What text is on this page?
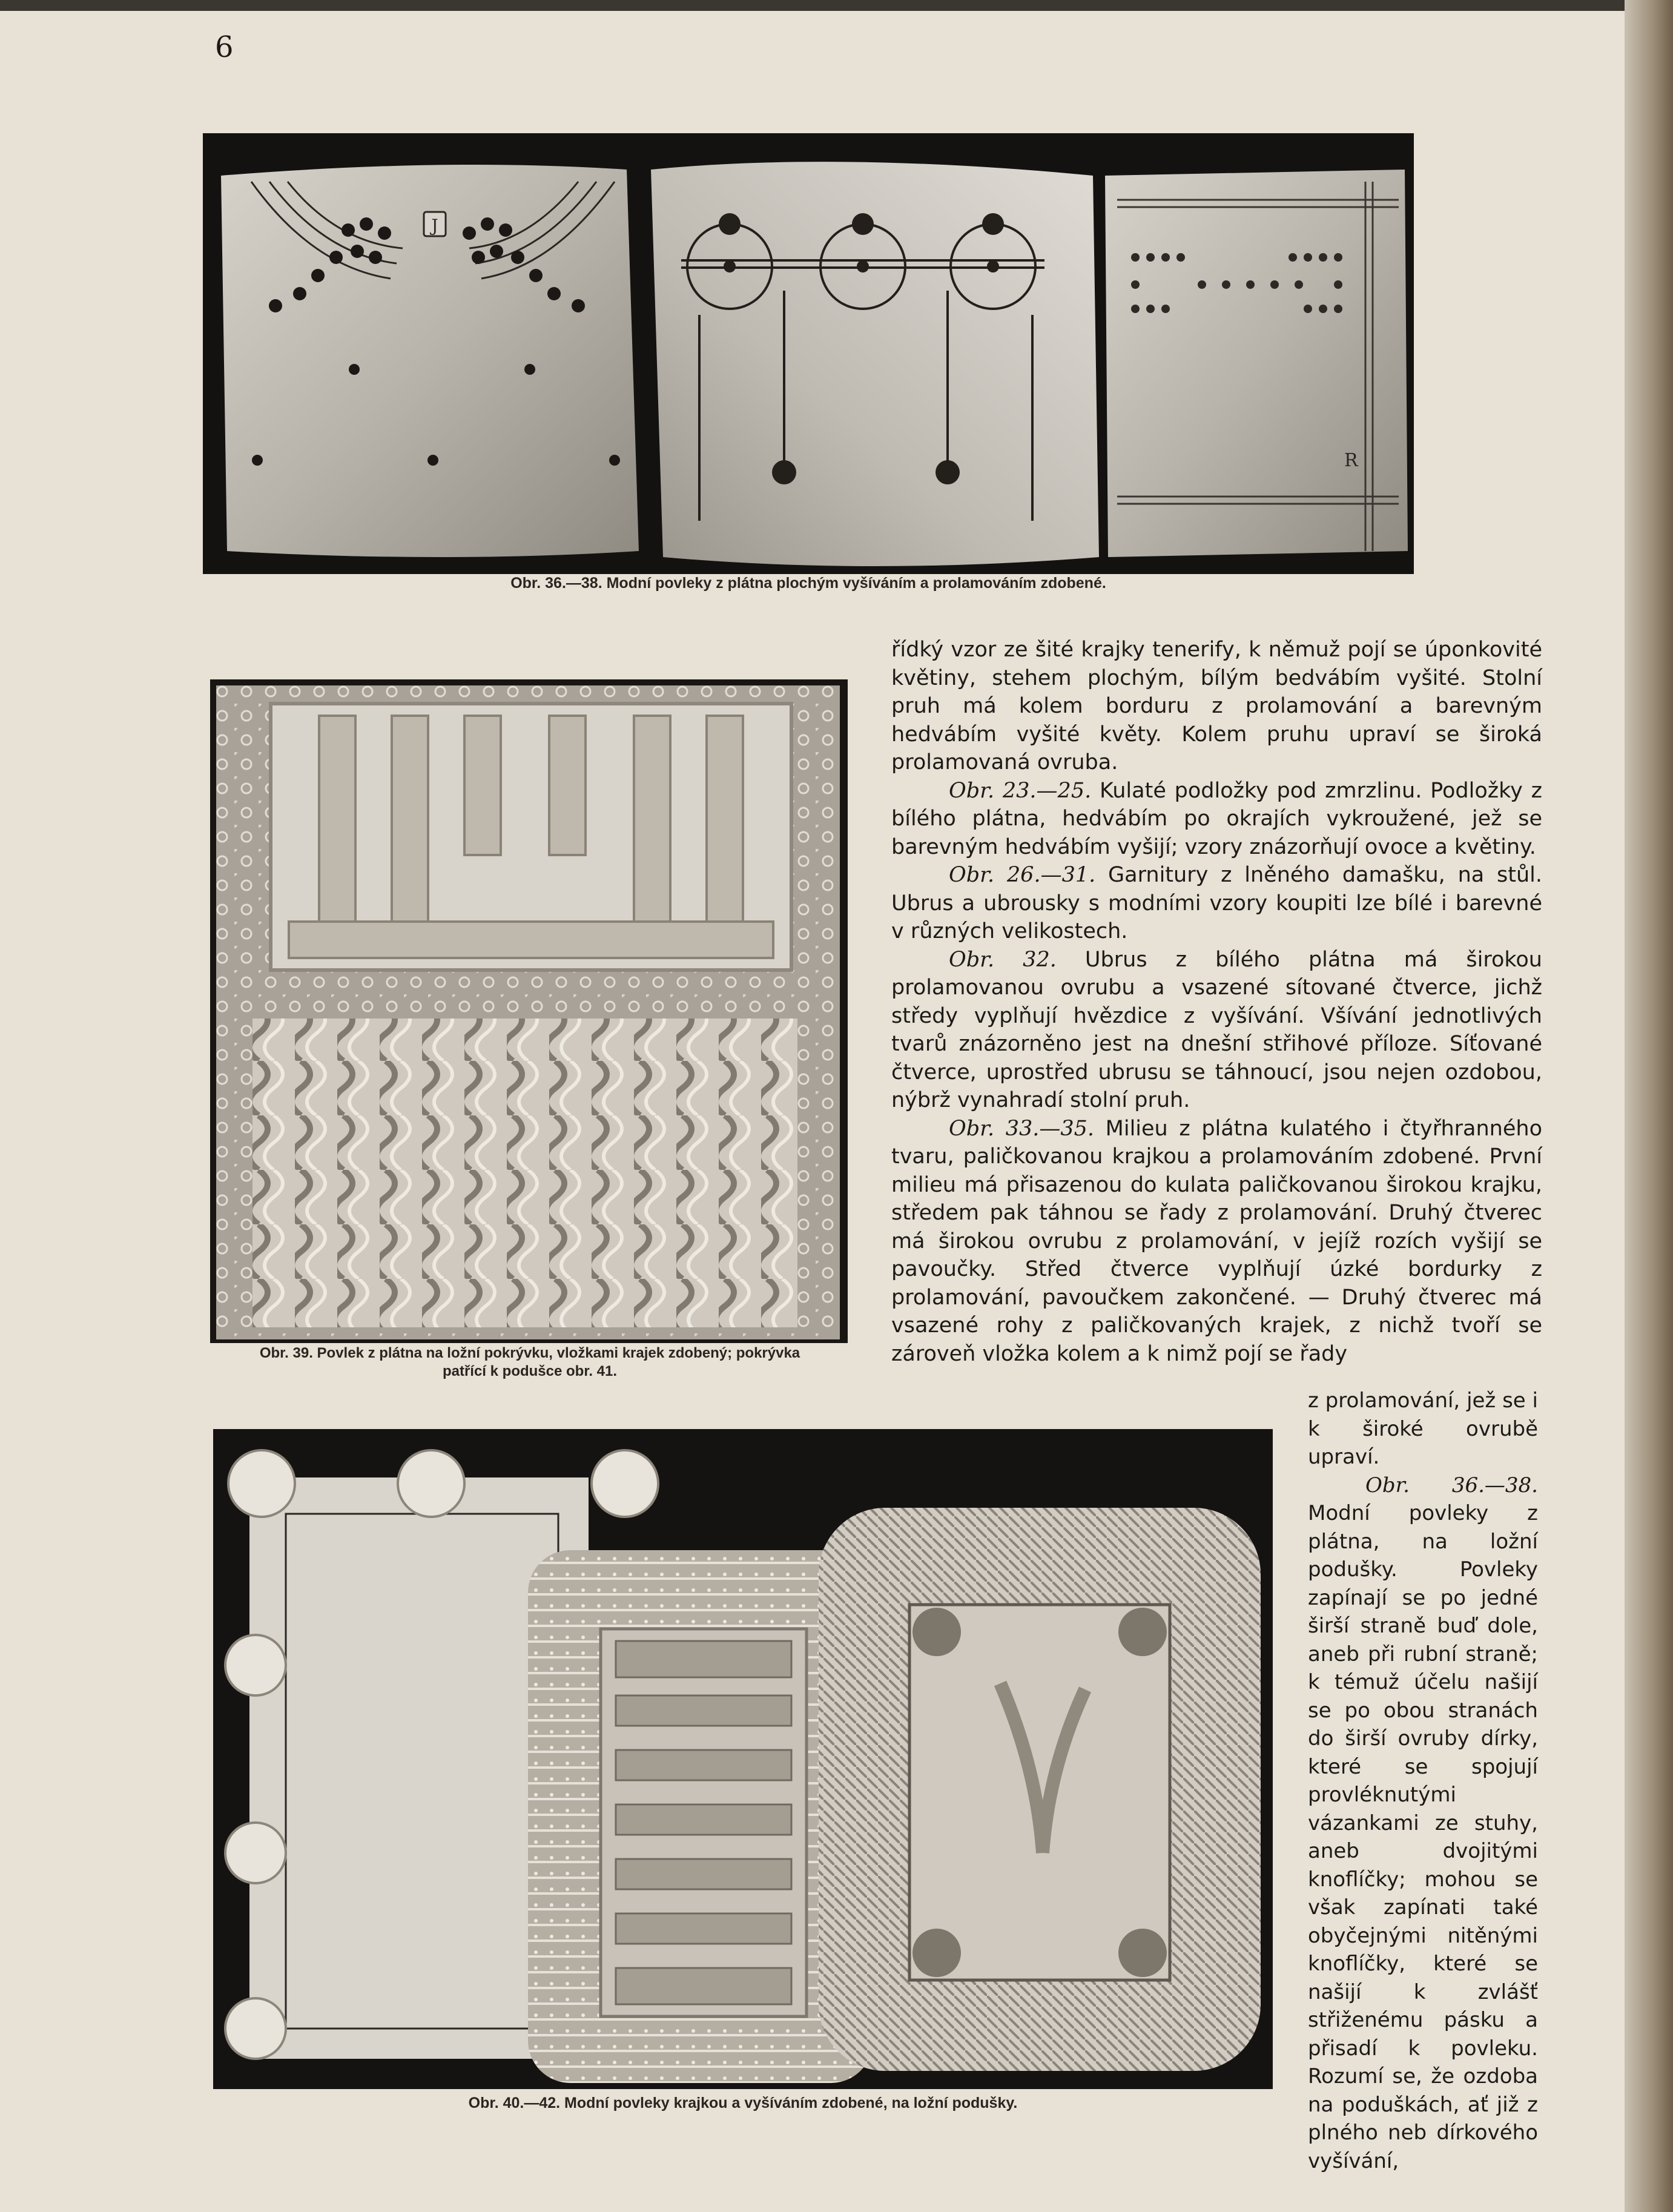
6
J
R
Obr. 36.—38. Modní povleky z plátna plochým vyšíváním a prolamováním zdobené.
Obr. 39. Povlek z plátna na ložní pokrývku, vložkami krajek zdobený; pokrývka
patřící k podušce obr. 41.
Obr. 40.—42. Modní povleky krajkou a vyšíváním zdobené, na ložní podušky.

řídký vzor ze šité krajky tenerify, k němuž pojí se úponkovité květiny, stehem plochým, bílým bedvábím vyšité. Stolní pruh má kolem borduru z prolamování a barevným hedvábím vyšité květy. Kolem pruhu upraví se široká prolamovaná ovruba.

Obr. 23.—25. Kulaté podložky pod zmrzlinu. Podložky z bílého plátna, hedvábím po okrajích vykroužené, jež se barevným hedvábím vyšijí; vzory znázorňují ovoce a květiny.

Obr. 26.—31. Garnitury z lněného damašku, na stůl. Ubrus a ubrousky s modními vzory koupiti lze bílé i barevné v různých velikostech.

Obr. 32. Ubrus z bílého plátna má širokou prolamovanou ovrubu a vsazené sítované čtverce, jichž středy vyplňují hvězdice z vyšívání. Všívání jednotlivých tvarů znázorněno jest na dnešní střihové příloze. Síťované čtverce, uprostřed ubrusu se táhnoucí, jsou nejen ozdobou, nýbrž vynahradí stolní pruh.

Obr. 33.—35. Milieu z plátna kulatého i čtyřhranného tvaru, paličkovanou krajkou a prolamováním zdobené. První milieu má přisazenou do kulata paličkovanou širokou krajku, středem pak táhnou se řady z prolamování. Druhý čtverec má širokou ovrubu z prolamování, v jejíž rozích vyšijí se pavoučky. Střed čtverce vyplňují úzké bordurky z prolamování, pavoučkem zakončené. — Druhý čtverec má vsazené rohy z paličkovaných krajek, z nichž tvoří se zároveň vložka kolem a k nimž pojí se řady

z prolamování, jež se i k široké ovrubě upraví.

Obr. 36.—38. Modní povleky z plátna, na ložní podušky. Povleky zapínají se po jedné širší straně buď dole, aneb při rubní straně; k témuž účelu našijí se po obou stranách do širší ovruby dírky, které se spojují provléknutými vázankami ze stuhy, aneb dvojitými knoflíčky; mohou se však zapínati také obyčejnými nitěnými knoflíčky, které se našijí k zvlášť střiženému pásku a přisadí k povleku. Rozumí se, že ozdoba na poduškách, ať již z plného neb dírkového vyšívání,
